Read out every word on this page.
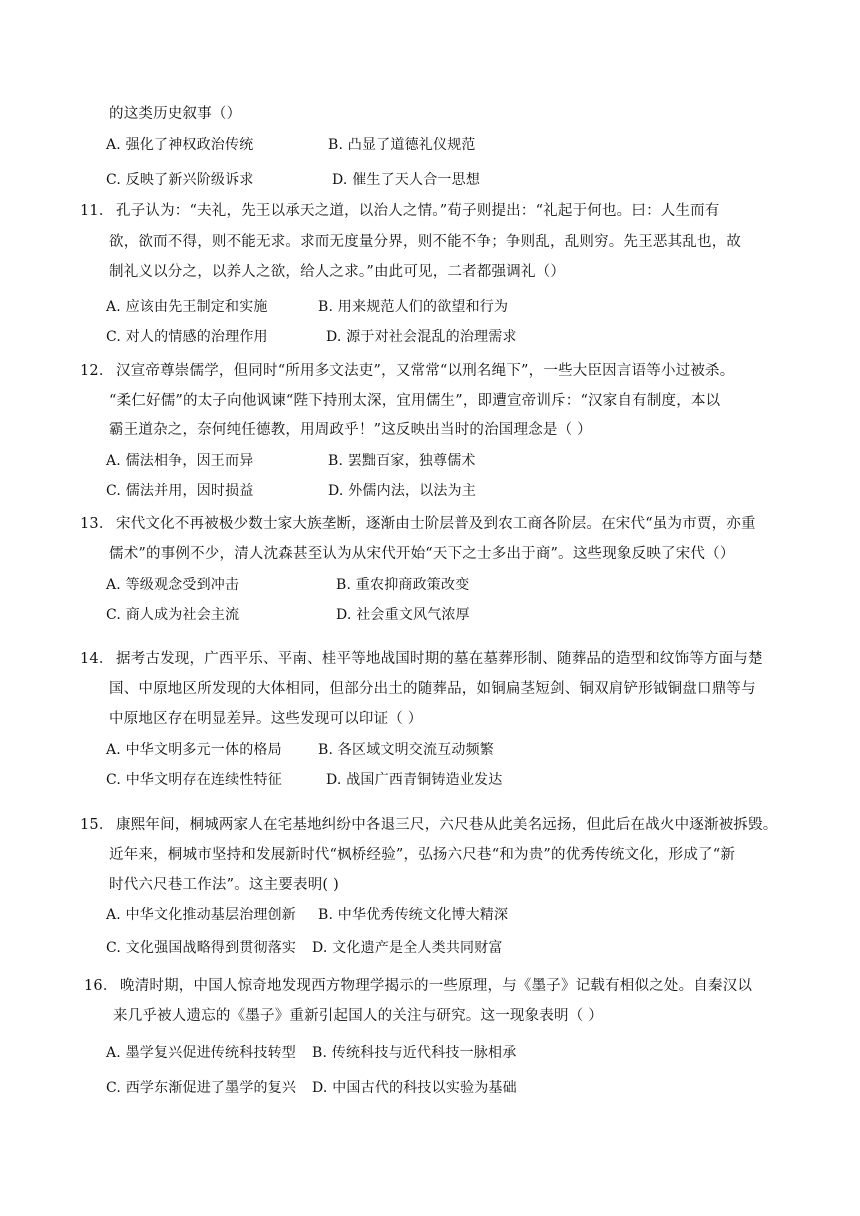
的这类历史叙事（）
A. 强化了神权政治传统	B. 凸显了道德礼仪规范
C. 反映了新兴阶级诉求	D. 催生了天人合一思想
11． 孔子认为：“夫礼，先王以承天之道，以治人之情。”荀子则提出：“礼起于何也。曰：人生而有
欲，欲而不得，则不能无求。求而无度量分界，则不能不争；争则乱，乱则穷。先王恶其乱也，故
制礼义以分之，以养人之欲，给人之求。”由此可见，二者都强调礼（）
A. 应该由先王制定和实施	B. 用来规范人们的欲望和行为
C. 对人的情感的治理作用	D. 源于对社会混乱的治理需求
12． 汉宣帝尊崇儒学，但同时“所用多文法吏”，又常常“以刑名绳下”，一些大臣因言语等小过被杀。
“柔仁好儒”的太子向他讽谏“陛下持刑太深，宜用儒生”，即遭宣帝训斥：“汉家自有制度，本以
霸王道杂之，奈何纯任德教，用周政乎！”这反映出当时的治国理念是（ ）
A. 儒法相争，因王而异	B. 罢黜百家，独尊儒术
C. 儒法并用，因时损益	D. 外儒内法，以法为主
13． 宋代文化不再被极少数士家大族垄断，逐渐由士阶层普及到农工商各阶层。在宋代“虽为市贾，亦重
儒术”的事例不少，清人沈森甚至认为从宋代开始“天下之士多出于商”。这些现象反映了宋代（）
A. 等级观念受到冲击	B. 重农抑商政策改变
C. 商人成为社会主流	D. 社会重文风气浓厚
14． 据考古发现，广西平乐、平南、桂平等地战国时期的墓在墓葬形制、随葬品的造型和纹饰等方面与楚
国、中原地区所发现的大体相同，但部分出土的随葬品，如铜扁茎短剑、铜双肩铲形钺铜盘口鼎等与
中原地区存在明显差异。这些发现可以印证（ ）
A. 中华文明多元一体的格局	B. 各区域文明交流互动频繁
C. 中华文明存在连续性特征	D. 战国广西青铜铸造业发达
15． 康熙年间，桐城两家人在宅基地纠纷中各退三尺，六尺巷从此美名远扬，但此后在战火中逐渐被拆毁。
近年来，桐城市坚持和发展新时代“枫桥经验”，弘扬六尺巷“和为贵”的优秀传统文化，形成了“新
时代六尺巷工作法”。这主要表明( )
A. 中华文化推动基层治理创新 B. 中华优秀传统文化博大精深
C. 文化强国战略得到贯彻落实 D. 文化遗产是全人类共同财富
16． 晚清时期，中国人惊奇地发现西方物理学揭示的一些原理，与《墨子》记载有相似之处。自秦汉以
来几乎被人遗忘的《墨子》重新引起国人的关注与研究。这一现象表明（ ）
A. 墨学复兴促进传统科技转型 B. 传统科技与近代科技一脉相承
C. 西学东渐促进了墨学的复兴 D. 中国古代的科技以实验为基础
